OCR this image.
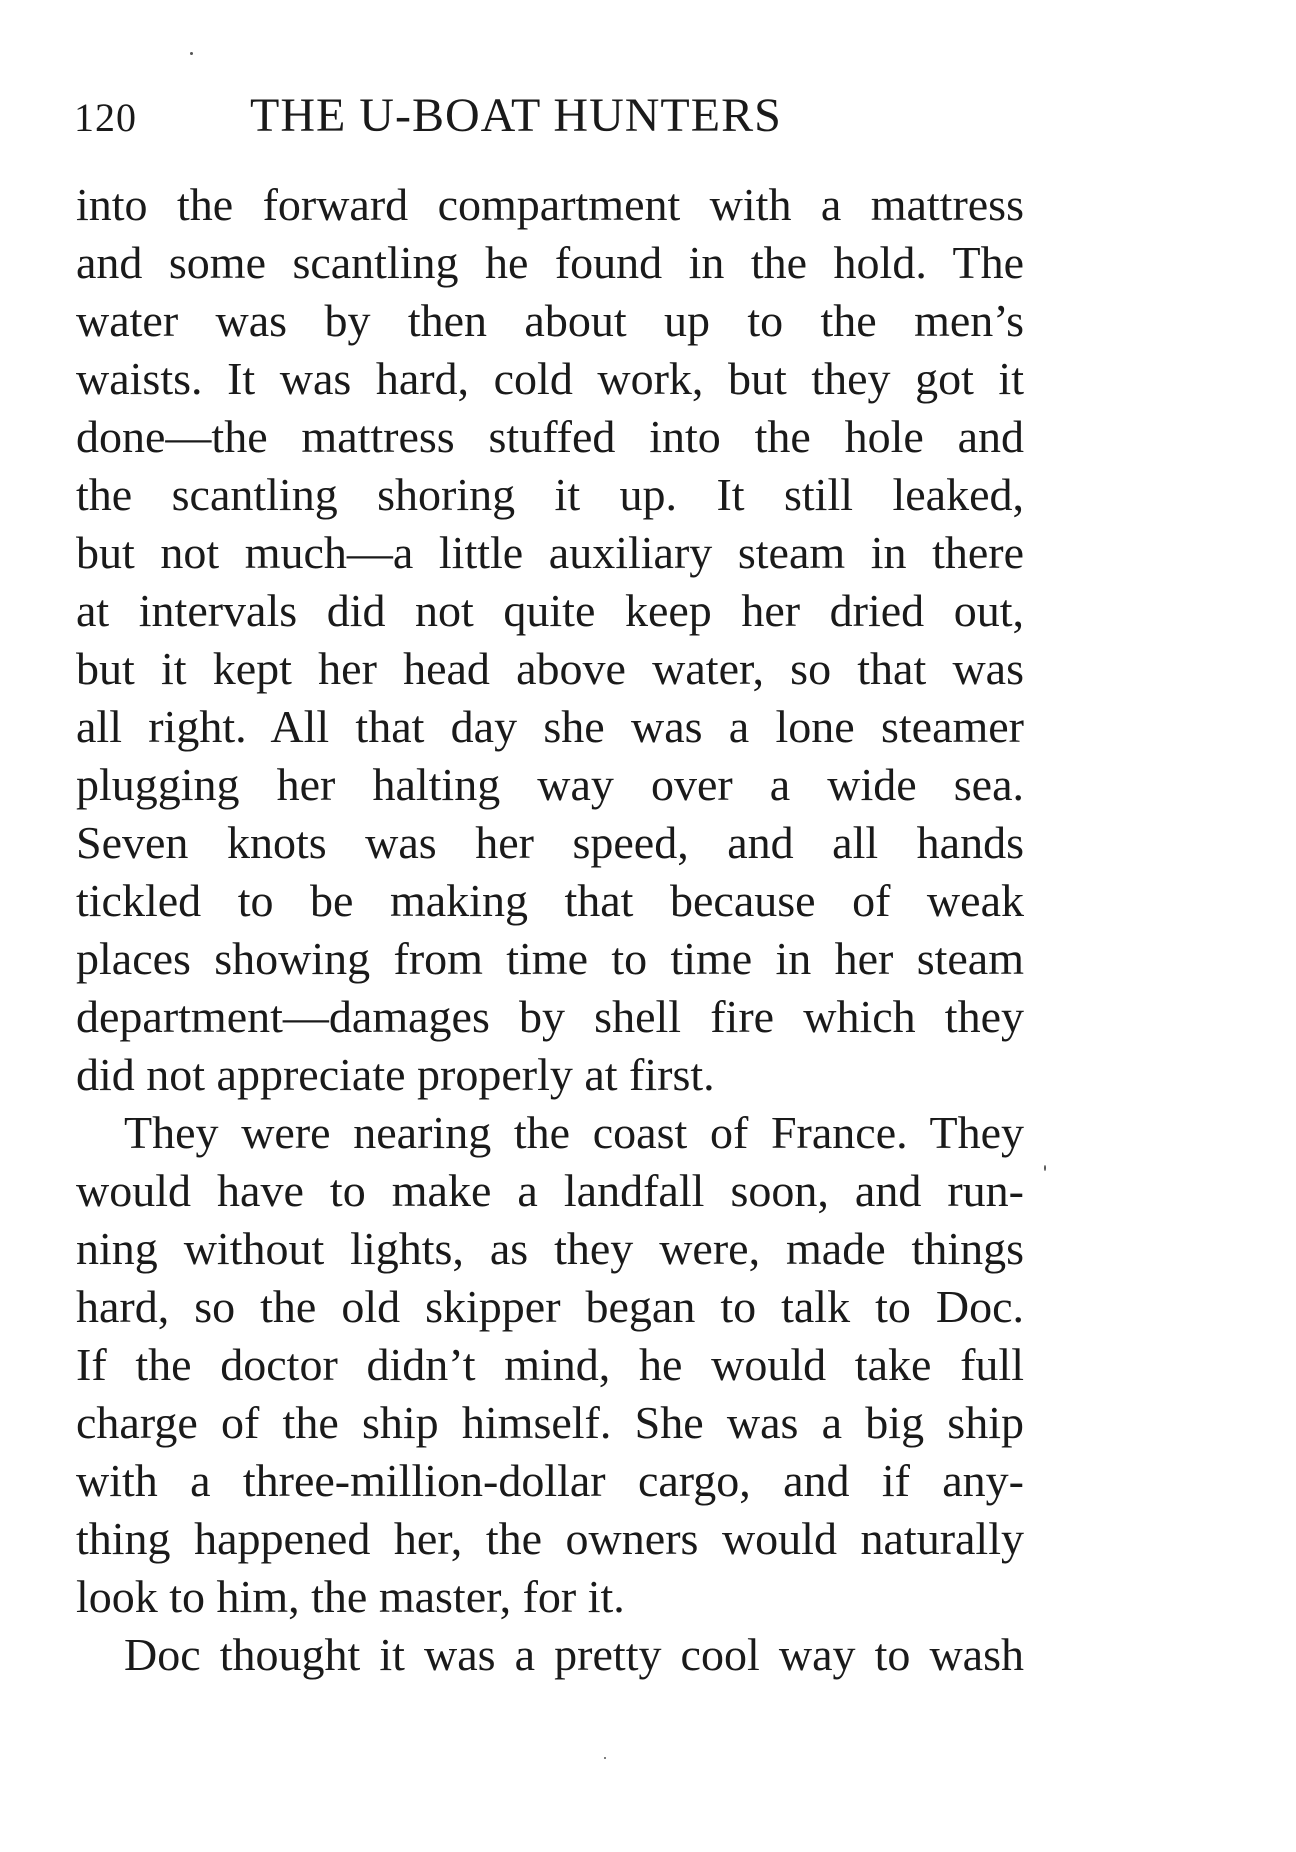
120 THE U-BOAT HUNTERS
into the forward compartment with a mattress
and some scantling he found in the hold. The
water was by then about up to the men’s
waists. It was hard, cold work, but they got it
done—the mattress stuffed into the hole and
the scantling shoring it up. It still leaked,
but not much—a little auxiliary steam in there
at intervals did not quite keep her dried out,
but it kept her head above water, so that was
all right. All that day she was a lone steamer
plugging her halting way over a wide sea.
Seven knots was her speed, and all hands
tickled to be making that because of weak
places showing from time to time in her steam
department—damages by shell fire which they
did not appreciate properly at first.
They were nearing the coast of France. They
would have to make a landfall soon, and run-
ning without lights, as they were, made things
hard, so the old skipper began to talk to Doc.
If the doctor didn’t mind, he would take full
charge of the ship himself. She was a big ship
with a three-million-dollar cargo, and if any-
thing happened her, the owners would naturally
look to him, the master, for it.
Doc thought it was a pretty cool way to wash
